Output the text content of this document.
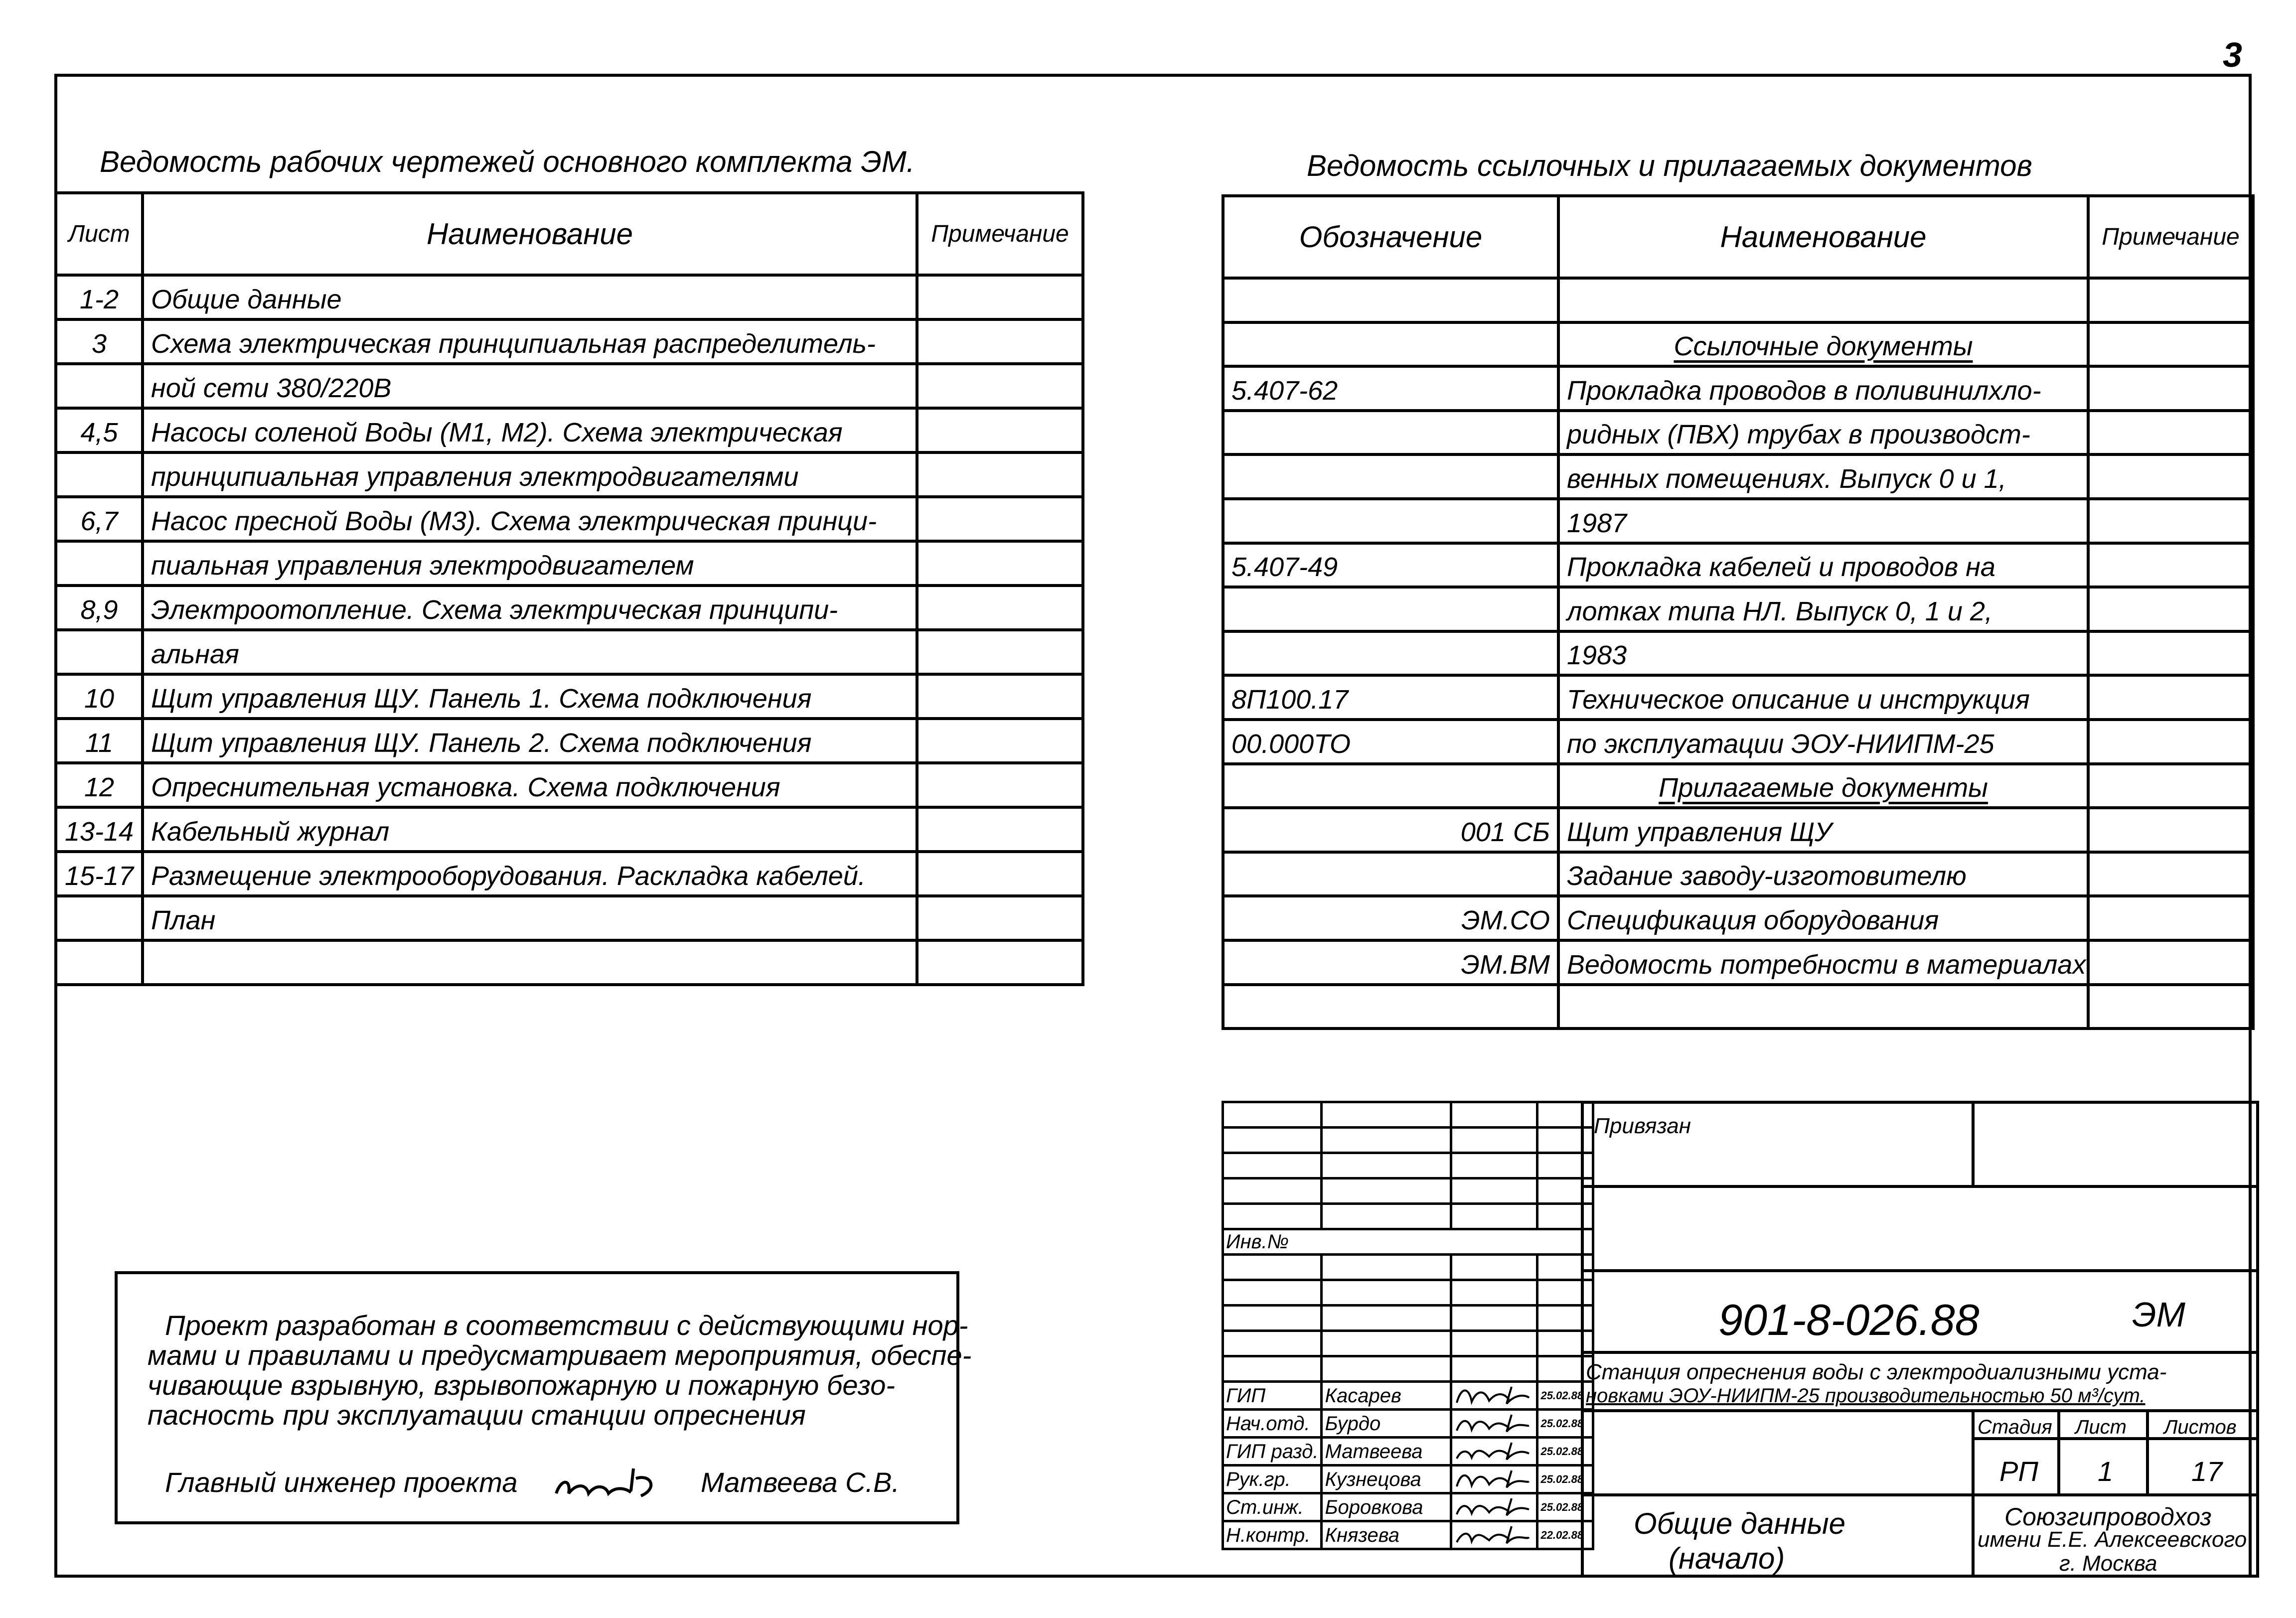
3
Ведомость рабочих чертежей основного комплекта ЭМ.
Лист	Наименование	Примечание
1-2	Общие данные	
3	Схема электрическая принципиальная распределитель-	
	ной сети 380/220В	
4,5	Насосы соленой Воды (М1, М2). Схема электрическая	
	принципиальная управления электродвигателями	
6,7	Насос пресной Воды (М3). Схема электрическая принци-	
	пиальная управления электродвигателем	
8,9	Электроотопление. Схема электрическая принципи-	
	альная	
10	Щит управления ЩУ. Панель 1. Схема подключения	
11	Щит управления ЩУ. Панель 2. Схема подключения	
12	Опреснительная установка. Схема подключения	
13-14	Кабельный журнал	
15-17	Размещение электрооборудования. Раскладка кабелей.	
	План	

Ведомость ссылочных и прилагаемых документов
Обозначение	Наименование	Примечание

	Ссылочные документы	
5.407-62	Прокладка проводов в поливинилхло-	
	ридных (ПВХ) трубах в производст-	
	венных помещениях. Выпуск 0 и 1,	
	1987	
5.407-49	Прокладка кабелей и проводов на	
	лотках типа НЛ. Выпуск 0, 1 и 2,	
	1983	
8П100.17	Техническое описание и инструкция	
00.000ТО	по эксплуатации ЭОУ-НИИПМ-25	
	Прилагаемые документы	
001 СБ	Щит управления ЩУ	
	Задание заводу-изготовителю	
ЭМ.СО	Спецификация оборудования	
ЭМ.ВМ	Ведомость потребности в материалах	

Проект разработан в соответствии с действующими нор-
мами и правилами и предусматривает мероприятия, обеспе-
чивающие взрывную, взрывопожарную и пожарную безо-
пасность при эксплуатации станции опреснения
Главный инженер проекта	Матвеева С.В.

Инв.№			

ГИП	Касарев		25.02.88
Нач.отд.	Бурдо		25.02.88
ГИП разд.	Матвеева		25.02.88
Рук.гр.	Кузнецова		25.02.88
Ст.инж.	Боровкова		25.02.88
Н.контр.	Князева		22.02.88
Привязан
901-8-026.88	ЭМ
Станция опреснения воды с электродиализными уста-
новками ЭОУ-НИИПМ-25 производительностью 50 м³/сут.
Стадия Лист Листов
РП 1	17
Общие данные
(начало)
Союзгипроводхоз
имени Е.Е. Алексеевского
г. Москва
